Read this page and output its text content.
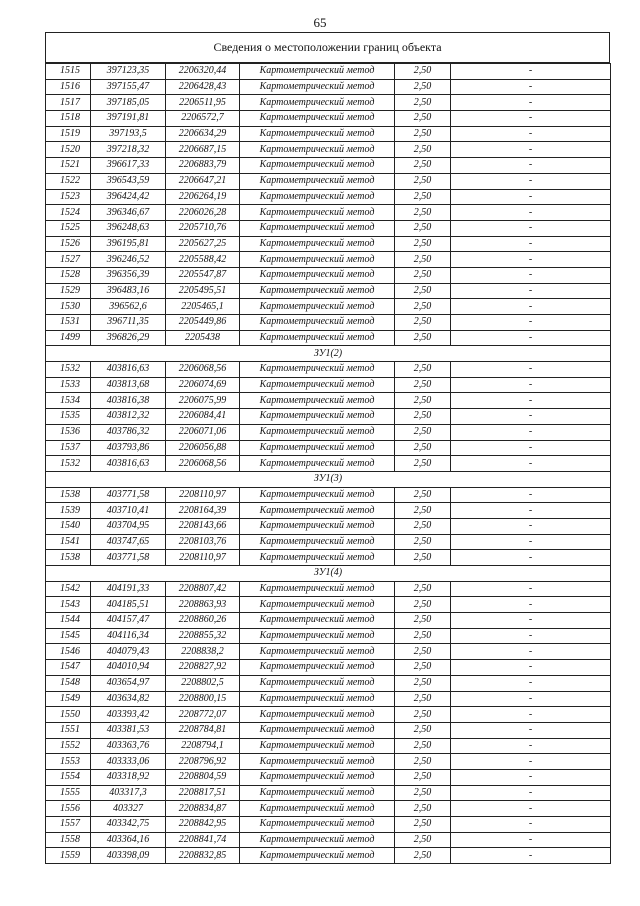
65
Сведения о местоположении границ объекта
1515	397123,35	2206320,44	Картометрический метод	2,50	-
1516	397155,47	2206428,43	Картометрический метод	2,50	-
1517	397185,05	2206511,95	Картометрический метод	2,50	-
1518	397191,81	2206572,7	Картометрический метод	2,50	-
1519	397193,5	2206634,29	Картометрический метод	2,50	-
1520	397218,32	2206687,15	Картометрический метод	2,50	-
1521	396617,33	2206883,79	Картометрический метод	2,50	-
1522	396543,59	2206647,21	Картометрический метод	2,50	-
1523	396424,42	2206264,19	Картометрический метод	2,50	-
1524	396346,67	2206026,28	Картометрический метод	2,50	-
1525	396248,63	2205710,76	Картометрический метод	2,50	-
1526	396195,81	2205627,25	Картометрический метод	2,50	-
1527	396246,52	2205588,42	Картометрический метод	2,50	-
1528	396356,39	2205547,87	Картометрический метод	2,50	-
1529	396483,16	2205495,51	Картометрический метод	2,50	-
1530	396562,6	2205465,1	Картометрический метод	2,50	-
1531	396711,35	2205449,86	Картометрический метод	2,50	-
1499	396826,29	2205438	Картометрический метод	2,50	-
ЗУ1(2)					
1532	403816,63	2206068,56	Картометрический метод	2,50	-
1533	403813,68	2206074,69	Картометрический метод	2,50	-
1534	403816,38	2206075,99	Картометрический метод	2,50	-
1535	403812,32	2206084,41	Картометрический метод	2,50	-
1536	403786,32	2206071,06	Картометрический метод	2,50	-
1537	403793,86	2206056,88	Картометрический метод	2,50	-
1532	403816,63	2206068,56	Картометрический метод	2,50	-
ЗУ1(3)					
1538	403771,58	2208110,97	Картометрический метод	2,50	-
1539	403710,41	2208164,39	Картометрический метод	2,50	-
1540	403704,95	2208143,66	Картометрический метод	2,50	-
1541	403747,65	2208103,76	Картометрический метод	2,50	-
1538	403771,58	2208110,97	Картометрический метод	2,50	-
ЗУ1(4)					
1542	404191,33	2208807,42	Картометрический метод	2,50	-
1543	404185,51	2208863,93	Картометрический метод	2,50	-
1544	404157,47	2208860,26	Картометрический метод	2,50	-
1545	404116,34	2208855,32	Картометрический метод	2,50	-
1546	404079,43	2208838,2	Картометрический метод	2,50	-
1547	404010,94	2208827,92	Картометрический метод	2,50	-
1548	403654,97	2208802,5	Картометрический метод	2,50	-
1549	403634,82	2208800,15	Картометрический метод	2,50	-
1550	403393,42	2208772,07	Картометрический метод	2,50	-
1551	403381,53	2208784,81	Картометрический метод	2,50	-
1552	403363,76	2208794,1	Картометрический метод	2,50	-
1553	403333,06	2208796,92	Картометрический метод	2,50	-
1554	403318,92	2208804,59	Картометрический метод	2,50	-
1555	403317,3	2208817,51	Картометрический метод	2,50	-
1556	403327	2208834,87	Картометрический метод	2,50	-
1557	403342,75	2208842,95	Картометрический метод	2,50	-
1558	403364,16	2208841,74	Картометрический метод	2,50	-
1559	403398,09	2208832,85	Картометрический метод	2,50	-
